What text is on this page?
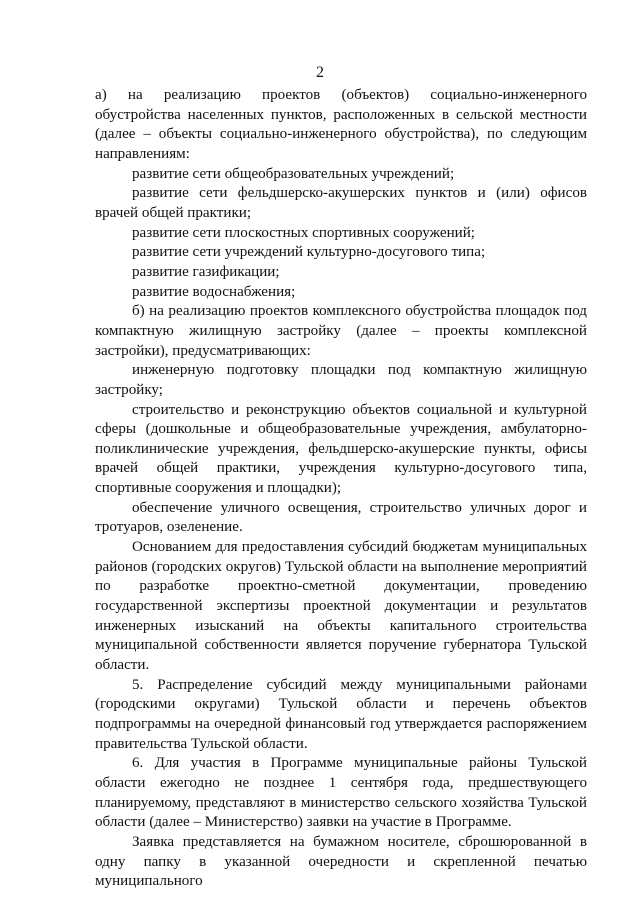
2

а) на реализацию проектов (объектов) социально-инженерного обустройства населенных пунктов, расположенных в сельской местности (далее – объекты социально-инженерного обустройства), по следующим направлениям:

развитие сети общеобразовательных учреждений;

развитие сети фельдшерско-акушерских пунктов и (или) офисов врачей общей практики;

развитие сети плоскостных спортивных сооружений;

развитие сети учреждений культурно-досугового типа;

развитие газификации;

развитие водоснабжения;

б) на реализацию проектов комплексного обустройства площадок под компактную жилищную застройку (далее – проекты комплексной застройки), предусматривающих:

инженерную подготовку площадки под компактную жилищную застройку;

строительство и реконструкцию объектов социальной и культурной сферы (дошкольные и общеобразовательные учреждения, амбулаторно-поликлинические учреждения, фельдшерско-акушерские пункты, офисы врачей общей практики, учреждения культурно-досугового типа, спортивные сооружения и площадки);

обеспечение уличного освещения, строительство уличных дорог и тротуаров, озеленение.

Основанием для предоставления субсидий бюджетам муниципальных районов (городских округов) Тульской области на выполнение мероприятий по разработке проектно-сметной документации, проведению государственной экспертизы проектной документации и результатов инженерных изысканий на объекты капитального строительства муниципальной собственности является поручение губернатора Тульской области.

5. Распределение субсидий между муниципальными районами (городскими округами) Тульской области и перечень объектов подпрограммы на очередной финансовый год утверждается распоряжением правительства Тульской области.

6. Для участия в Программе муниципальные районы Тульской области ежегодно не позднее 1 сентября года, предшествующего планируемому, представляют в министерство сельского хозяйства Тульской области (далее – Министерство) заявки на участие в Программе.

Заявка представляется на бумажном носителе, сброшюрованной в одну папку в указанной очередности и скрепленной печатью муниципального
